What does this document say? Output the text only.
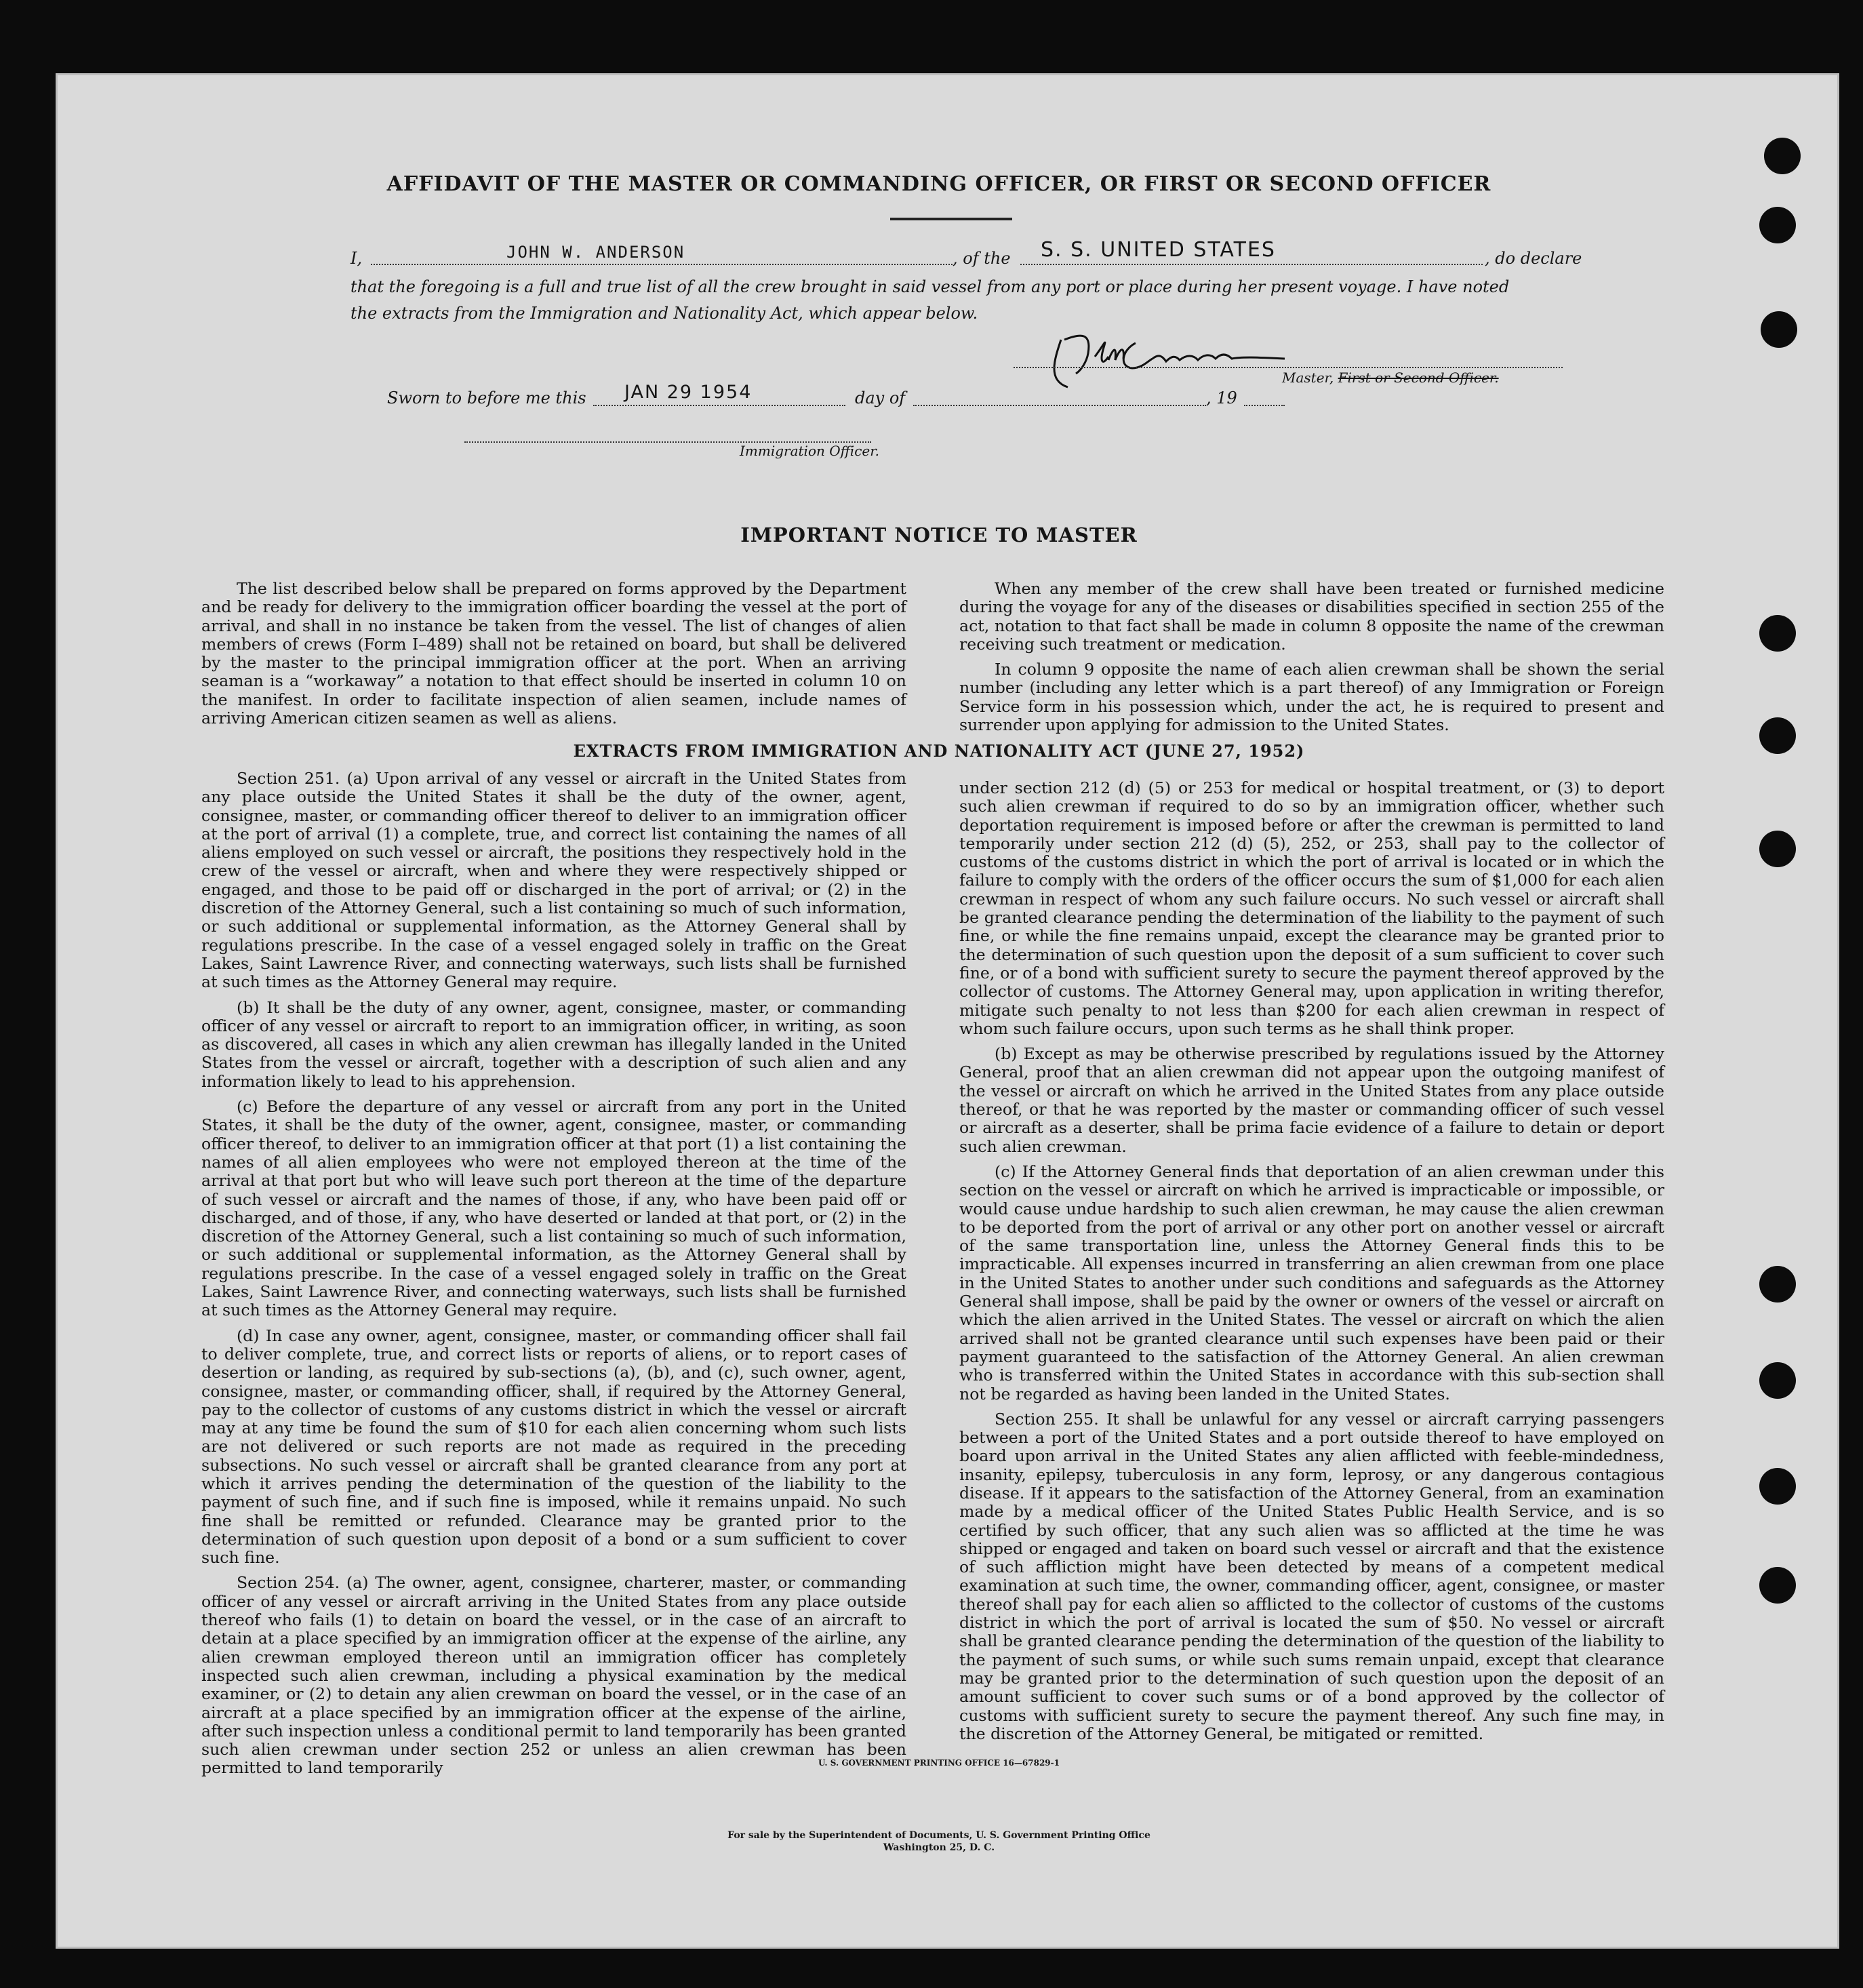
AFFIDAVIT OF THE MASTER OR COMMANDING OFFICER, OR FIRST OR SECOND OFFICER
I,	JOHN W. ANDERSON	, of the S. S. UNITED STATES	, do declare
that the foregoing is a full and true list of all the crew brought in said vessel from any port or place during her present voyage. I have noted
the extracts from the Immigration and Nationality Act, which appear below.
Master, First or Second Officer.
Sworn to before me this JAN 29 1954	day of	, 19
Immigration Officer.
IMPORTANT NOTICE TO MASTER

The list described below shall be prepared on forms approved by the Department and be ready for delivery to the immigration officer boarding the vessel at the port of arrival, and shall in no instance be taken from the vessel. The list of changes of alien members of crews (Form I–489) shall not be retained on board, but shall be delivered by the master to the principal immigration officer at the port. When an arriving seaman is a “workaway” a notation to that effect should be inserted in column 10 on the manifest. In order to facilitate inspection of alien seamen, include names of arriving American citizen seamen as well as aliens.

When any member of the crew shall have been treated or furnished medicine during the voyage for any of the diseases or disabilities specified in section 255 of the act, notation to that fact shall be made in column 8 opposite the name of the crewman receiving such treatment or medication.

In column 9 opposite the name of each alien crewman shall be shown the serial number (including any letter which is a part thereof) of any Immigration or Foreign Service form in his possession which, under the act, he is required to present and surrender upon applying for admission to the United States.

EXTRACTS FROM IMMIGRATION AND NATIONALITY ACT (JUNE 27, 1952)

Section 251. (a) Upon arrival of any vessel or aircraft in the United States from any place outside the United States it shall be the duty of the owner, agent, consignee, master, or commanding officer thereof to deliver to an immigration officer at the port of arrival (1) a complete, true, and correct list containing the names of all aliens employed on such vessel or aircraft, the positions they respectively hold in the crew of the vessel or aircraft, when and where they were respectively shipped or engaged, and those to be paid off or discharged in the port of arrival; or (2) in the discretion of the Attorney General, such a list containing so much of such information, or such additional or supplemental information, as the Attorney General shall by regulations prescribe. In the case of a vessel engaged solely in traffic on the Great Lakes, Saint Lawrence River, and connecting waterways, such lists shall be furnished at such times as the Attorney General may require.

(b) It shall be the duty of any owner, agent, consignee, master, or commanding officer of any vessel or aircraft to report to an immigration officer, in writing, as soon as discovered, all cases in which any alien crewman has illegally landed in the United States from the vessel or aircraft, together with a description of such alien and any information likely to lead to his apprehension.

(c) Before the departure of any vessel or aircraft from any port in the United States, it shall be the duty of the owner, agent, consignee, master, or commanding officer thereof, to deliver to an immigration officer at that port (1) a list containing the names of all alien employees who were not employed thereon at the time of the arrival at that port but who will leave such port thereon at the time of the departure of such vessel or aircraft and the names of those, if any, who have been paid off or discharged, and of those, if any, who have deserted or landed at that port, or (2) in the discretion of the Attorney General, such a list containing so much of such information, or such additional or supplemental information, as the Attorney General shall by regulations prescribe. In the case of a vessel engaged solely in traffic on the Great Lakes, Saint Lawrence River, and connecting waterways, such lists shall be furnished at such times as the Attorney General may require.

(d) In case any owner, agent, consignee, master, or commanding officer shall fail to deliver complete, true, and correct lists or reports of aliens, or to report cases of desertion or landing, as required by sub-sections (a), (b), and (c), such owner, agent, consignee, master, or commanding officer, shall, if required by the Attorney General, pay to the collector of customs of any customs district in which the vessel or aircraft may at any time be found the sum of $10 for each alien concerning whom such lists are not delivered or such reports are not made as required in the preceding subsections. No such vessel or aircraft shall be granted clearance from any port at which it arrives pending the determination of the question of the liability to the payment of such fine, and if such fine is imposed, while it remains unpaid. No such fine shall be remitted or refunded. Clearance may be granted prior to the determination of such question upon deposit of a bond or a sum sufficient to cover such fine.

Section 254. (a) The owner, agent, consignee, charterer, master, or commanding officer of any vessel or aircraft arriving in the United States from any place outside thereof who fails (1) to detain on board the vessel, or in the case of an aircraft to detain at a place specified by an immigration officer at the expense of the airline, any alien crewman employed thereon until an immigration officer has completely inspected such alien crewman, including a physical examination by the medical examiner, or (2) to detain any alien crewman on board the vessel, or in the case of an aircraft at a place specified by an immigration officer at the expense of the airline, after such inspection unless a conditional permit to land temporarily has been granted such alien crewman under section 252 or unless an alien crewman has been permitted to land temporarily

under section 212 (d) (5) or 253 for medical or hospital treatment, or (3) to deport such alien crewman if required to do so by an immigration officer, whether such deportation requirement is imposed before or after the crewman is permitted to land temporarily under section 212 (d) (5), 252, or 253, shall pay to the collector of customs of the customs district in which the port of arrival is located or in which the failure to comply with the orders of the officer occurs the sum of $1,000 for each alien crewman in respect of whom any such failure occurs. No such vessel or aircraft shall be granted clearance pending the determination of the liability to the payment of such fine, or while the fine remains unpaid, except the clearance may be granted prior to the determination of such question upon the deposit of a sum sufficient to cover such fine, or of a bond with sufficient surety to secure the payment thereof approved by the collector of customs. The Attorney General may, upon application in writing therefor, mitigate such penalty to not less than $200 for each alien crewman in respect of whom such failure occurs, upon such terms as he shall think proper.

(b) Except as may be otherwise prescribed by regulations issued by the Attorney General, proof that an alien crewman did not appear upon the outgoing manifest of the vessel or aircraft on which he arrived in the United States from any place outside thereof, or that he was reported by the master or commanding officer of such vessel or aircraft as a deserter, shall be prima facie evidence of a failure to detain or deport such alien crewman.

(c) If the Attorney General finds that deportation of an alien crewman under this section on the vessel or aircraft on which he arrived is impracticable or impossible, or would cause undue hardship to such alien crewman, he may cause the alien crewman to be deported from the port of arrival or any other port on another vessel or aircraft of the same transportation line, unless the Attorney General finds this to be impracticable. All expenses incurred in transferring an alien crewman from one place in the United States to another under such conditions and safeguards as the Attorney General shall impose, shall be paid by the owner or owners of the vessel or aircraft on which the alien arrived in the United States. The vessel or aircraft on which the alien arrived shall not be granted clearance until such expenses have been paid or their payment guaranteed to the satisfaction of the Attorney General. An alien crewman who is transferred within the United States in accordance with this sub-section shall not be regarded as having been landed in the United States.

Section 255. It shall be unlawful for any vessel or aircraft carrying passengers between a port of the United States and a port outside thereof to have employed on board upon arrival in the United States any alien afflicted with feeble-mindedness, insanity, epilepsy, tuberculosis in any form, leprosy, or any dangerous contagious disease. If it appears to the satisfaction of the Attorney General, from an examination made by a medical officer of the United States Public Health Service, and is so certified by such officer, that any such alien was so afflicted at the time he was shipped or engaged and taken on board such vessel or aircraft and that the existence of such affliction might have been detected by means of a competent medical examination at such time, the owner, commanding officer, agent, consignee, or master thereof shall pay for each alien so afflicted to the collector of customs of the customs district in which the port of arrival is located the sum of $50. No vessel or aircraft shall be granted clearance pending the determination of the question of the liability to the payment of such sums, or while such sums remain unpaid, except that clearance may be granted prior to the determination of such question upon the deposit of an amount sufficient to cover such sums or of a bond approved by the collector of customs with sufficient surety to secure the payment thereof. Any such fine may, in the discretion of the Attorney General, be mitigated or remitted.

U. S. GOVERNMENT PRINTING OFFICE 16—67829-1
For sale by the Superintendent of Documents, U. S. Government Printing Office
Washington 25, D. C.
